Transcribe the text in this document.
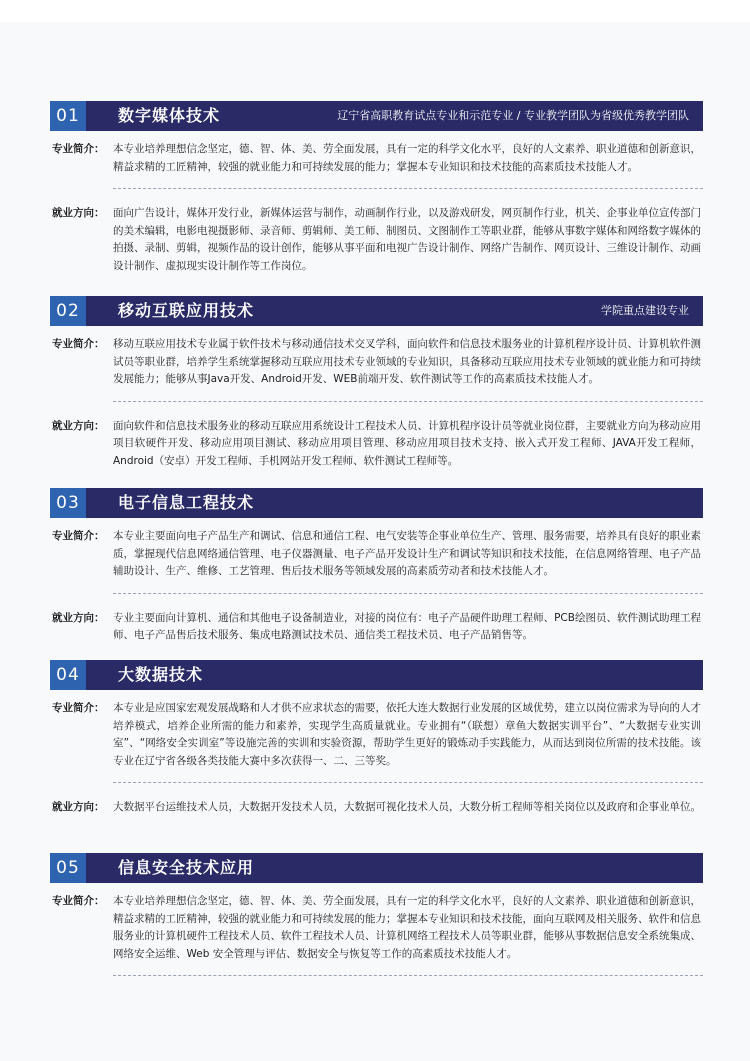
01	数字媒体技术	辽宁省高职教育试点专业和示范专业 / 专业教学团队为省级优秀教学团队
专业简介： 本专业培养理想信念坚定，德、智、体、美、劳全面发展，具有一定的科学文化水平，良好的人文素养、职业道德和创新意识，精益求精的工匠精神，较强的就业能力和可持续发展的能力；掌握本专业知识和技术技能的高素质技术技能人才。
就业方向： 面向广告设计，媒体开发行业，新媒体运营与制作，动画制作行业，以及游戏研发，网页制作行业，机关、企事业单位宣传部门的美术编辑，电影电视摄影师、录音师、剪辑师、美工师、制图员、文图制作工等职业群，能够从事数字媒体和网络数字媒体的拍摄、录制、剪辑，视频作品的设计创作，能够从事平面和电视广告设计制作、网络广告制作、网页设计、三维设计制作、动画设计制作、虚拟现实设计制作等工作岗位。
02	移动互联应用技术	学院重点建设专业
专业简介： 移动互联应用技术专业属于软件技术与移动通信技术交叉学科，面向软件和信息技术服务业的计算机程序设计员、计算机软件测试员等职业群，培养学生系统掌握移动互联应用技术专业领域的专业知识，具备移动互联应用技术专业领域的就业能力和可持续发展能力；能够从事Java开发、Android开发、WEB前端开发、软件测试等工作的高素质技术技能人才。
就业方向： 面向软件和信息技术服务业的移动互联应用系统设计工程技术人员、计算机程序设计员等就业岗位群，主要就业方向为移动应用项目软硬件开发、移动应用项目测试、移动应用项目管理、移动应用项目技术支持、嵌入式开发工程师、JAVA开发工程师，Android（安卓）开发工程师、手机网站开发工程师、软件测试工程师等。
03	电子信息工程技术
专业简介： 本专业主要面向电子产品生产和调试、信息和通信工程、电气安装等企事业单位生产、管理、服务需要，培养具有良好的职业素质，掌握现代信息网络通信管理、电子仪器测量、电子产品开发设计生产和调试等知识和技术技能，在信息网络管理、电子产品辅助设计、生产、维修、工艺管理、售后技术服务等领域发展的高素质劳动者和技术技能人才。
就业方向： 专业主要面向计算机、通信和其他电子设备制造业，对接的岗位有：电子产品硬件助理工程师、PCB绘图员、软件测试助理工程师、电子产品售后技术服务、集成电路测试技术员、通信类工程技术员、电子产品销售等。
04	大数据技术
专业简介： 本专业是应国家宏观发展战略和人才供不应求状态的需要，依托大连大数据行业发展的区域优势，建立以岗位需求为导向的人才培养模式，培养企业所需的能力和素养，实现学生高质量就业。专业拥有“（联想）章鱼大数据实训平台”、“大数据专业实训室”、“网络安全实训室”等设施完善的实训和实验资源，帮助学生更好的锻炼动手实践能力，从而达到岗位所需的技术技能。该专业在辽宁省各级各类技能大赛中多次获得一、二、三等奖。
就业方向： 大数据平台运维技术人员，大数据开发技术人员，大数据可视化技术人员，大数分析工程师等相关岗位以及政府和企事业单位。
05	信息安全技术应用
专业简介： 本专业培养理想信念坚定，德、智、体、美、劳全面发展，具有一定的科学文化水平，良好的人文素养、职业道德和创新意识，精益求精的工匠精神，较强的就业能力和可持续发展的能力；掌握本专业知识和技术技能，面向互联网及相关服务、软件和信息服务业的计算机硬件工程技术人员、软件工程技术人员、计算机网络工程技术人员等职业群，能够从事数据信息安全系统集成、网络安全运维、Web 安全管理与评估、数据安全与恢复等工作的高素质技术技能人才。
